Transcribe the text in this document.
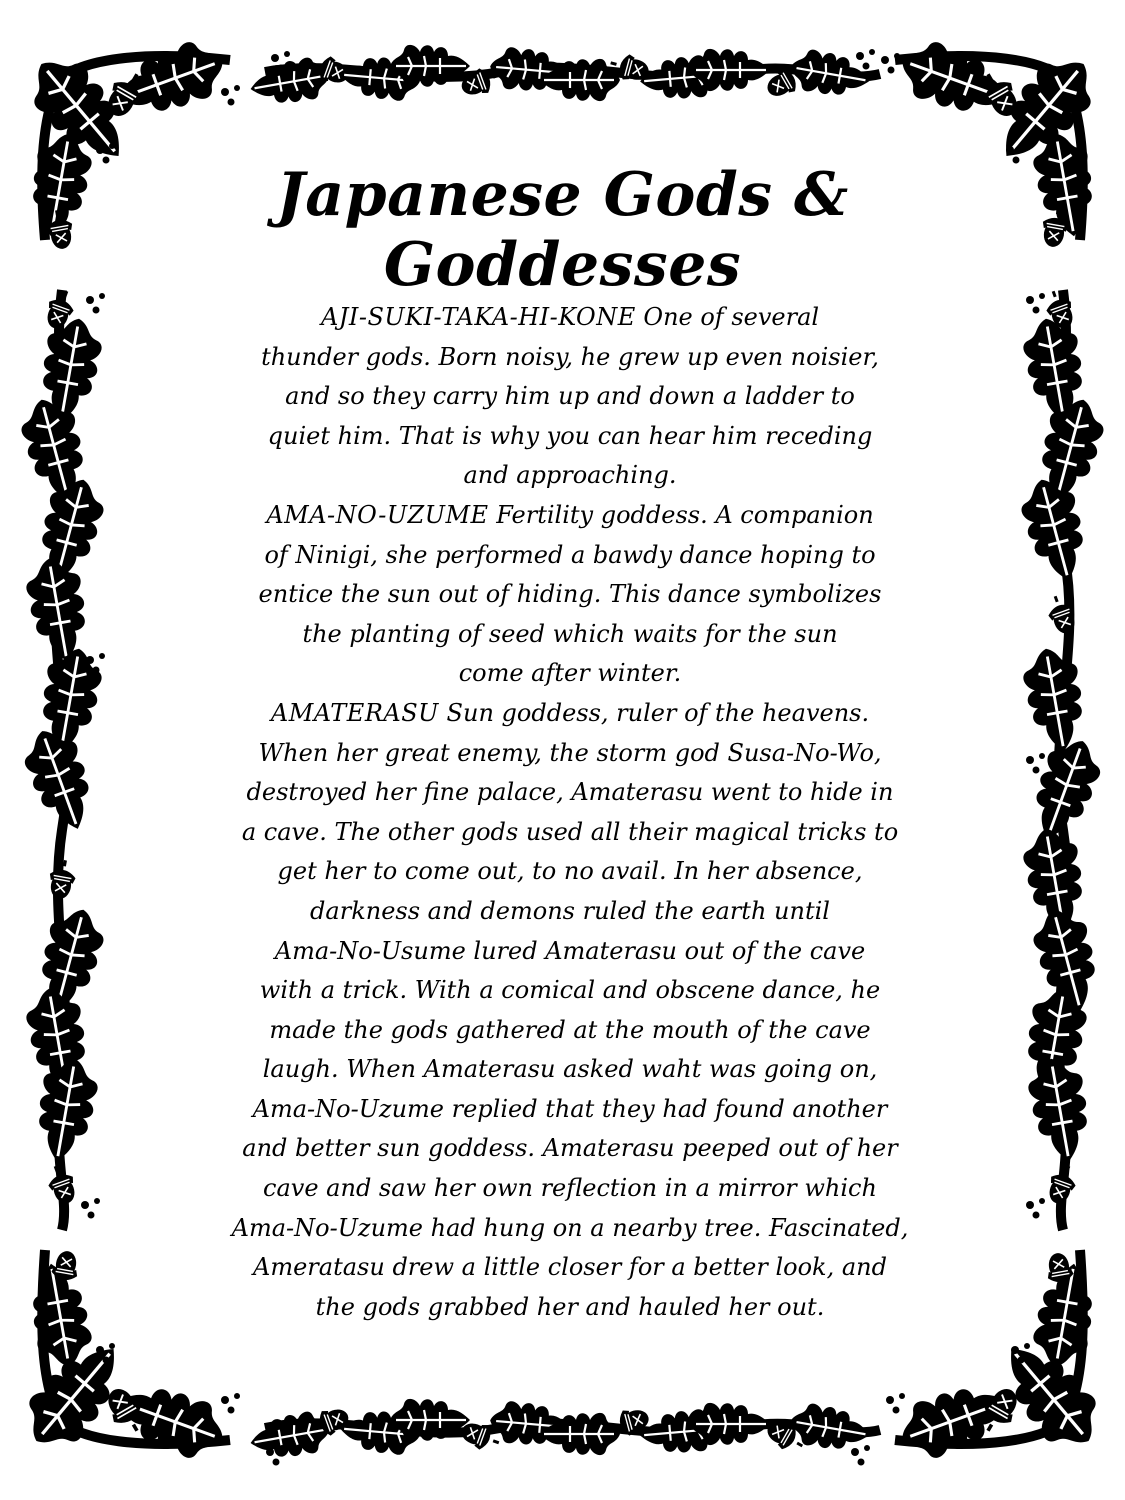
Japanese Gods & Goddesses

AJI-SUKI-TAKA-HI-KONE One of several

thunder gods. Born noisy, he grew up even noisier,

and so they carry him up and down a ladder to

quiet him. That is why you can hear him receding

and approaching.

AMA-NO-UZUME Fertility goddess. A companion

of Ninigi, she performed a bawdy dance hoping to

entice the sun out of hiding. This dance symbolizes

the planting of seed which waits for the sun

come after winter.

AMATERASU Sun goddess, ruler of the heavens.

When her great enemy, the storm god Susa-No-Wo,

destroyed her fine palace, Amaterasu went to hide in

a cave. The other gods used all their magical tricks to

get her to come out, to no avail. In her absence,

darkness and demons ruled the earth until

Ama-No-Usume lured Amaterasu out of the cave

with a trick. With a comical and obscene dance, he

made the gods gathered at the mouth of the cave

laugh. When Amaterasu asked waht was going on,

Ama-No-Uzume replied that they had found another

and better sun goddess. Amaterasu peeped out of her

cave and saw her own reflection in a mirror which

Ama-No-Uzume had hung on a nearby tree. Fascinated,

Ameratasu drew a little closer for a better look, and

the gods grabbed her and hauled her out.
